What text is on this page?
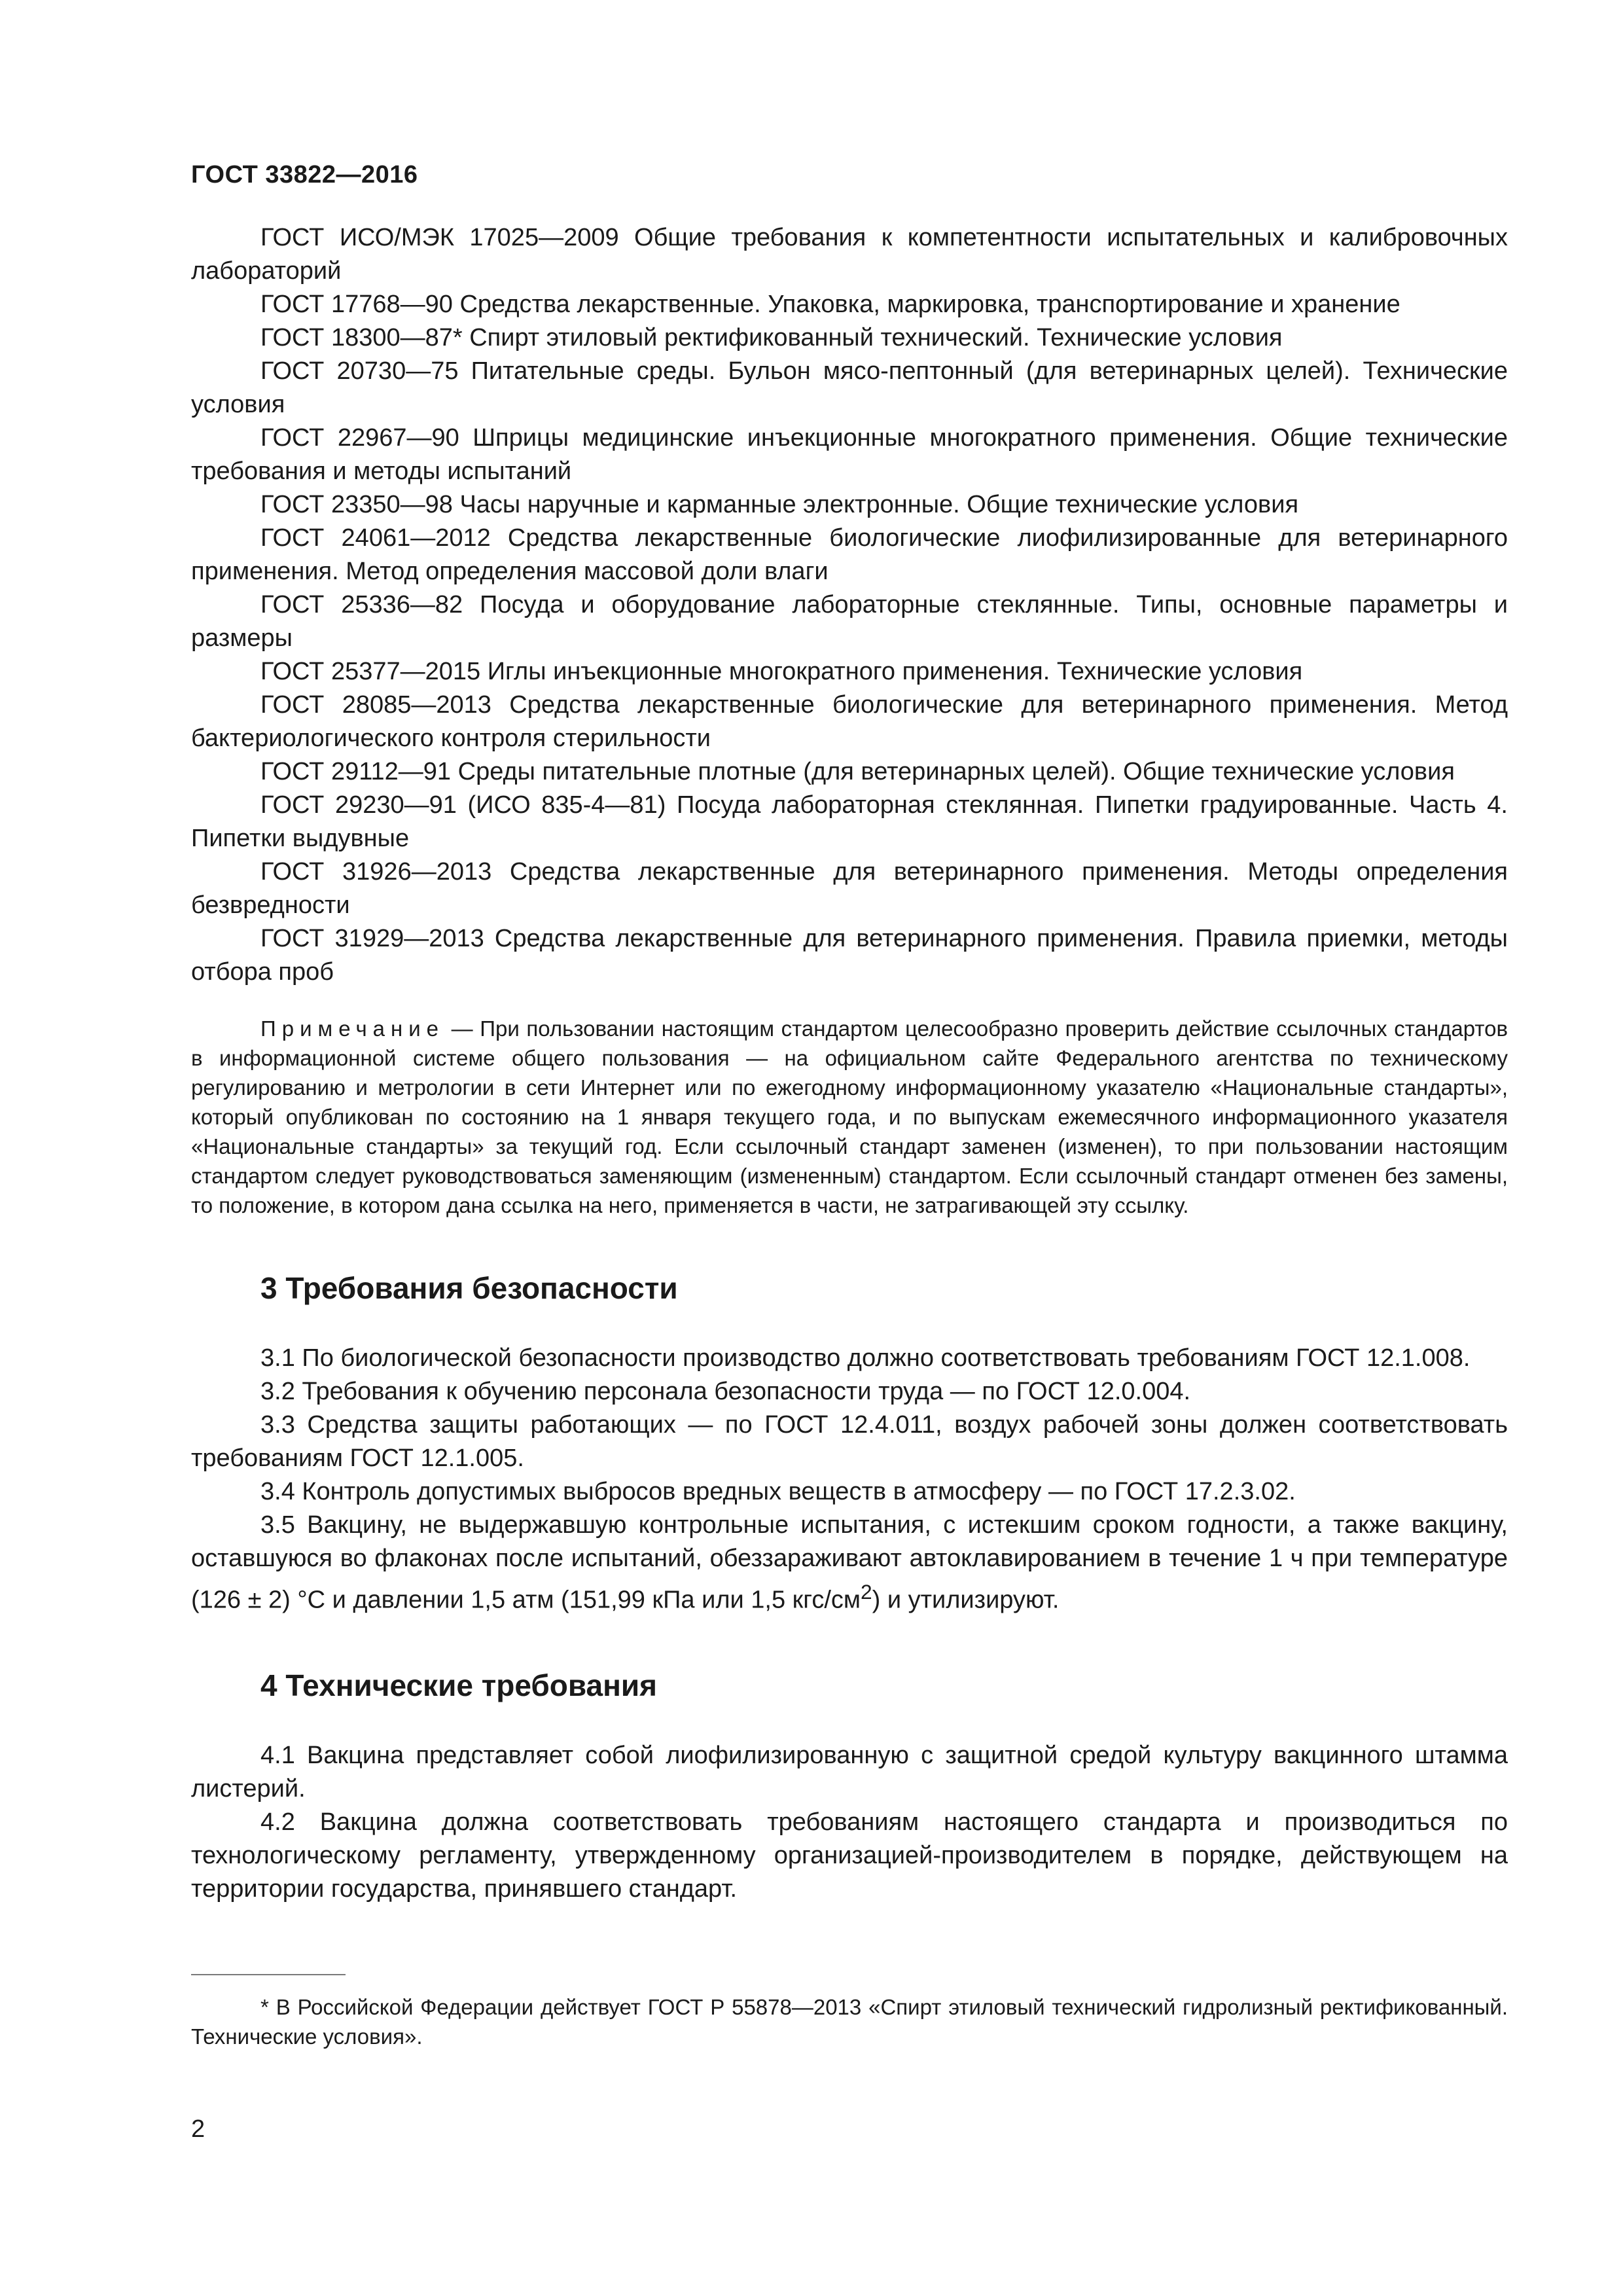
ГОСТ 33822—2016

ГОСТ ИСО/МЭК 17025—2009 Общие требования к компетентности испытательных и калибровочных лабораторий

ГОСТ 17768—90 Средства лекарственные. Упаковка, маркировка, транспортирование и хранение

ГОСТ 18300—87* Спирт этиловый ректификованный технический. Технические условия

ГОСТ 20730—75 Питательные среды. Бульон мясо-пептонный (для ветеринарных целей). Технические условия

ГОСТ 22967—90 Шприцы медицинские инъекционные многократного применения. Общие технические требования и методы испытаний

ГОСТ 23350—98 Часы наручные и карманные электронные. Общие технические условия

ГОСТ 24061—2012 Средства лекарственные биологические лиофилизированные для ветеринарного применения. Метод определения массовой доли влаги

ГОСТ 25336—82 Посуда и оборудование лабораторные стеклянные. Типы, основные параметры и размеры

ГОСТ 25377—2015 Иглы инъекционные многократного применения. Технические условия

ГОСТ 28085—2013 Средства лекарственные биологические для ветеринарного применения. Метод бактериологического контроля стерильности

ГОСТ 29112—91 Среды питательные плотные (для ветеринарных целей). Общие технические условия

ГОСТ 29230—91 (ИСО 835-4—81) Посуда лабораторная стеклянная. Пипетки градуированные. Часть 4. Пипетки выдувные

ГОСТ 31926—2013 Средства лекарственные для ветеринарного применения. Методы определения безвредности

ГОСТ 31929—2013 Средства лекарственные для ветеринарного применения. Правила приемки, методы отбора проб

Примечание — При пользовании настоящим стандартом целесообразно проверить действие ссылочных стандартов в информационной системе общего пользования — на официальном сайте Федерального агентства по техническому регулированию и метрологии в сети Интернет или по ежегодному информационному указателю «Национальные стандарты», который опубликован по состоянию на 1 января текущего года, и по выпускам ежемесячного информационного указателя «Национальные стандарты» за текущий год. Если ссылочный стандарт заменен (изменен), то при пользовании настоящим стандартом следует руководствоваться заменяющим (измененным) стандартом. Если ссылочный стандарт отменен без замены, то положение, в котором дана ссылка на него, применяется в части, не затрагивающей эту ссылку.
3 Требования безопасности

3.1 По биологической безопасности производство должно соответствовать требованиям ГОСТ 12.1.008.

3.2 Требования к обучению персонала безопасности труда — по ГОСТ 12.0.004.

3.3 Средства защиты работающих — по ГОСТ 12.4.011, воздух рабочей зоны должен соответствовать требованиям ГОСТ 12.1.005.

3.4 Контроль допустимых выбросов вредных веществ в атмосферу — по ГОСТ 17.2.3.02.

3.5 Вакцину, не выдержавшую контрольные испытания, с истекшим сроком годности, а также вакцину, оставшуюся во флаконах после испытаний, обеззараживают автоклавированием в течение 1 ч при температуре (126 ± 2) °С и давлении 1,5 атм (151,99 кПа или 1,5 кгс/$см^2$) и утилизируют.

4 Технические требования

4.1 Вакцина представляет собой лиофилизированную с защитной средой культуру вакцинного штамма листерий.

4.2 Вакцина должна соответствовать требованиям настоящего стандарта и производиться по технологическому регламенту, утвержденному организацией-производителем в порядке, действующем на территории государства, принявшего стандарт.

* В Российской Федерации действует ГОСТ Р 55878—2013 «Спирт этиловый технический гидролизный ректификованный. Технические условия».

2
